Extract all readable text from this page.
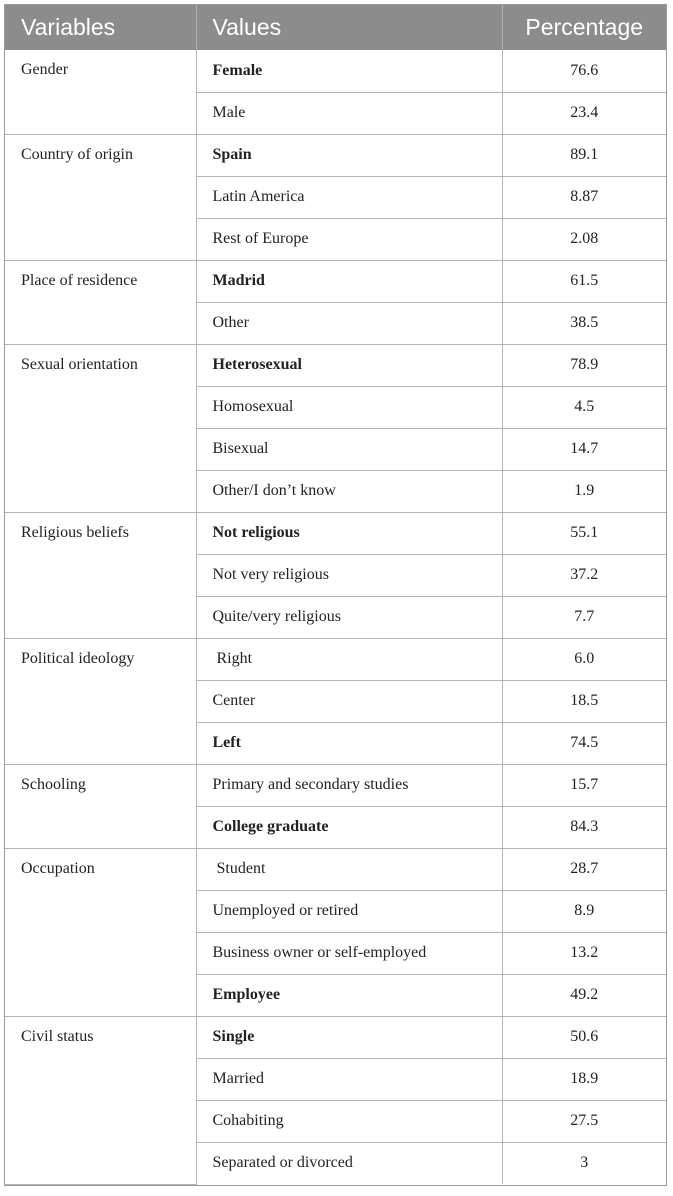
Variables	Values	Percentage
Gender	Female	76.6
	Male	23.4
Country of origin	Spain	89.1
	Latin America	8.87
	Rest of Europe	2.08
Place of residence	Madrid	61.5
	Other	38.5
Sexual orientation	Heterosexual	78.9
	Homosexual	4.5
	Bisexual	14.7
	Other/I don’t know	1.9
Religious beliefs	Not religious	55.1
	Not very religious	37.2
	Quite/very religious	7.7
Political ideology	Right	6.0
	Center	18.5
	Left	74.5
Schooling	Primary and secondary studies	15.7
	College graduate	84.3
Occupation	Student	28.7
	Unemployed or retired	8.9
	Business owner or self-employed	13.2
	Employee	49.2
Civil status	Single	50.6
	Married	18.9
	Cohabiting	27.5
	Separated or divorced	3
